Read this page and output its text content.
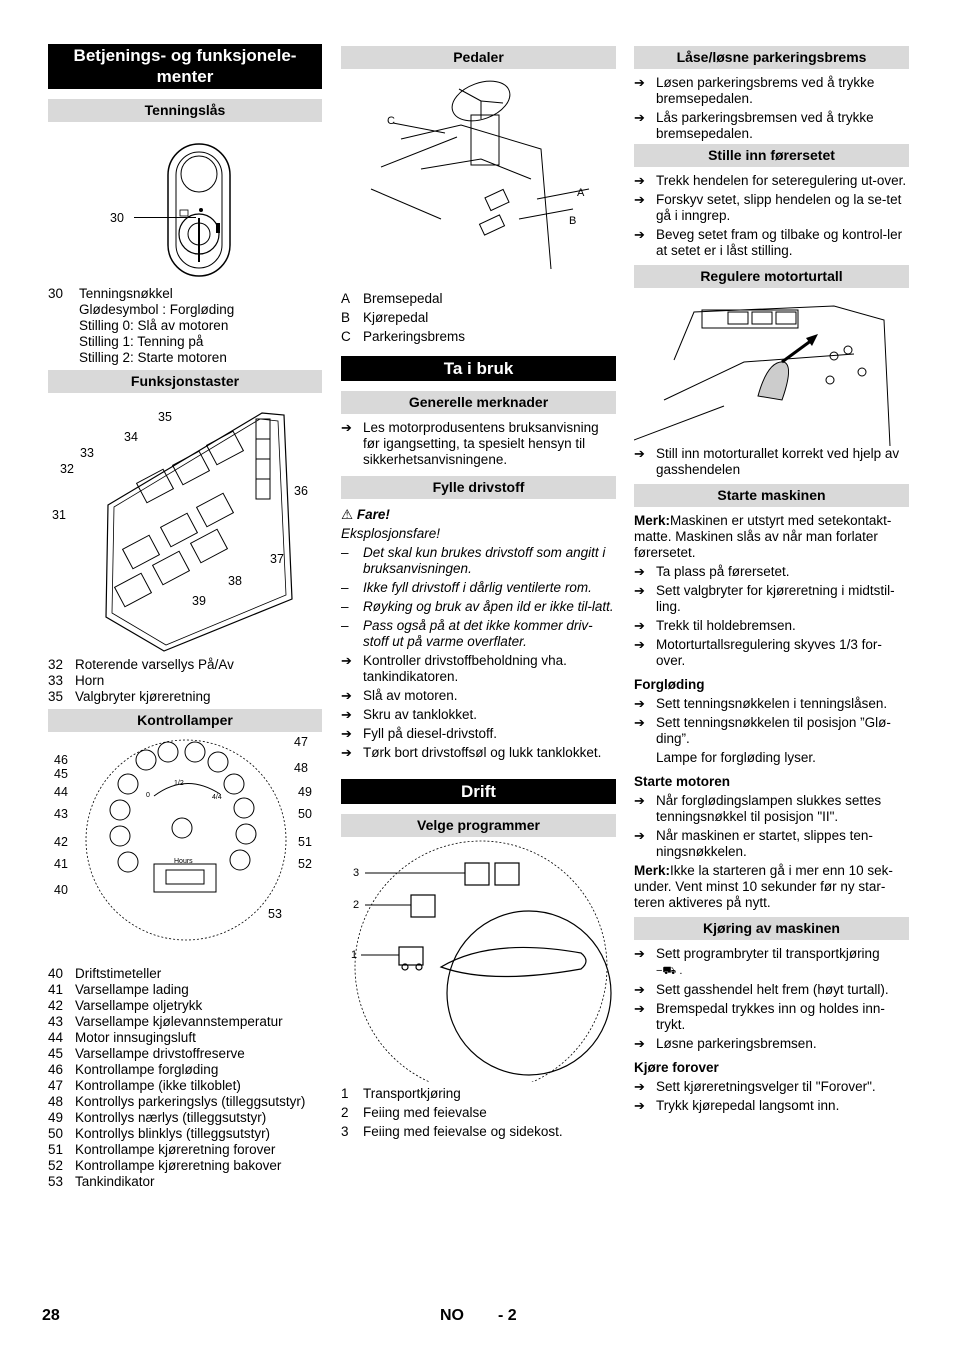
Betjenings- og funksjonele-
menter
Tenningslås
30
30	Tenningsnøkkel
Glødesymbol : Forgløding
Stilling 0: Slå av motoren
Stilling 1: Tenning på
Stilling 2: Starte motoren
Funksjonstaster
35
34
33
32
36
31
37
38
39
32 Roterende varsellys På/Av
33 Horn
35 Valgbryter kjøreretning
Kontrollamper
1/2
4/4
0
Hours
46
45
44
43
42
41
40
47
48
49
50
51
52
53
40 Driftstimeteller
41 Varsellampe lading
42 Varsellampe oljetrykk
43 Varsellampe kjølevannstemperatur
44 Motor innsugingsluft
45 Varsellampe drivstoffreserve
46 Kontrollampe forgløding
47 Kontrollampe (ikke tilkoblet)
48 Kontrollys parkeringslys (tilleggsutstyr)
49 Kontrollys nærlys (tilleggsutstyr)
50 Kontrollys blinklys (tilleggsutstyr)
51 Kontrollampe kjøreretning forover
52 Kontrollampe kjøreretning bakover
53 Tankindikator
Pedaler
C
A
B
A Bremsepedal
B Kjørepedal
C Parkeringsbrems
Ta i bruk
Generelle merknader
➔ Les motorprodusentens bruksanvisning før igangsetting, ta spesielt hensyn til sikkerhetsanvisningene.
Fylle drivstoff
⚠ Fare!
Eksplosjonsfare!
–	Det skal kun brukes drivstoff som angitt i bruksanvisningen.
–	Ikke fyll drivstoff i dårlig ventilerte rom.
–	Røyking og bruk av åpen ild er ikke til-latt.
–	Pass også på at det ikke kommer driv-stoff ut på varme overflater.
➔ Kontroller drivstoffbeholdning vha. tankindikatoren.
➔ Slå av motoren.
➔ Skru av tanklokket.
➔ Fyll på diesel-drivstoff.
➔ Tørk bort drivstoffsøl og lukk tanklokket.
Drift
Velge programmer
3
2
1
1	Transportkjøring
2	Feiing med feievalse
3	Feiing med feievalse og sidekost.
Låse/løsne parkeringsbrems
➔ Løsen parkeringsbrems ved å trykke bremsepedalen.
➔ Lås parkeringsbremsen ved å trykke bremsepedalen.
Stille inn førersetet
➔ Trekk hendelen for seteregulering ut-over.
➔ Forskyv setet, slipp hendelen og la se-tet gå i inngrep.
➔ Beveg setet fram og tilbake og kontrol-ler at setet er i låst stilling.
Regulere motorturtall
➔ Still inn motorturallet korrekt ved hjelp av gasshendelen
Starte maskinen
Merk:Maskinen er utstyrt med setekontakt-matte. Maskinen slås av når man forlater førersetet.
➔ Ta plass på førersetet.
➔ Sett valgbryter for kjøreretning i midtstil-ling.
➔ Trekk til holdebremsen.
➔ Motorturtallsregulering skyves 1/3 for-over.
Forgløding
➔ Sett tenningsnøkkelen i tenningslåsen.
➔ Sett tenningsnøkkelen til posisjon ”Glø-ding”.
Lampe for forgløding lyser.
Starte motoren
➔ Når forglødingslampen slukkes settes tenningsnøkkel til posisjon "II".
➔ Når maskinen er startet, slippes ten-ningsnøkkelen.
Merk:Ikke la starteren gå i mer enn 10 sek-under. Vent minst 10 sekunder før ny star-teren aktiveres på nytt.
Kjøring av maskinen
➔ Sett programbryter til transportkjøring
−⛟ .
➔ Sett gasshendel helt frem (høyt turtall).
➔ Bremspedal trykkes inn og holdes inn-trykt.
➔ Løsne parkeringsbremsen.
Kjøre forover
➔ Sett kjøreretningsvelger til "Forover".
➔ Trykk kjørepedal langsomt inn.
28	NO - 2
